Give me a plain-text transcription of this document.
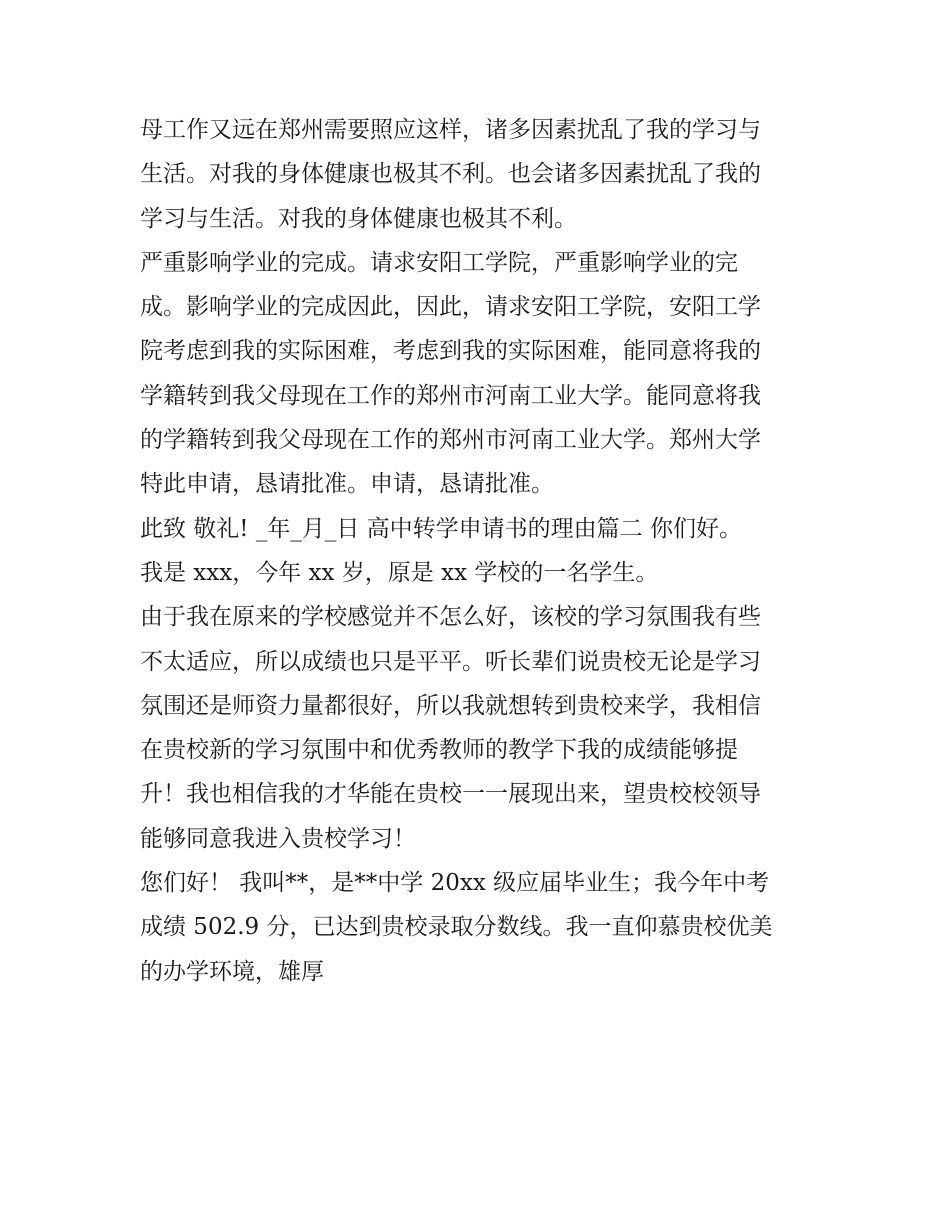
母工作又远在郑州需要照应这样，诸多因素扰乱了我的学习与
生活。对我的身体健康也极其不利。也会诸多因素扰乱了我的
学习与生活。对我的身体健康也极其不利。
严重影响学业的完成。请求安阳工学院，严重影响学业的完
成。影响学业的完成因此，因此，请求安阳工学院，安阳工学
院考虑到我的实际困难，考虑到我的实际困难，能同意将我的
学籍转到我父母现在工作的郑州市河南工业大学。能同意将我
的学籍转到我父母现在工作的郑州市河南工业大学。郑州大学
特此申请，恳请批准。申请，恳请批准。
此致 敬礼! _年_月_日 高中转学申请书的理由篇二 你们好。
我是 xxx，今年 xx 岁，原是 xx 学校的一名学生。
由于我在原来的学校感觉并不怎么好，该校的学习氛围我有些
不太适应，所以成绩也只是平平。听长辈们说贵校无论是学习
氛围还是师资力量都很好，所以我就想转到贵校来学，我相信
在贵校新的学习氛围中和优秀教师的教学下我的成绩能够提
升！我也相信我的才华能在贵校一一展现出来，望贵校校领导
能够同意我进入贵校学习！
您们好！ 我叫**，是**中学 20xx 级应届毕业生；我今年中考
成绩 502.9 分，已达到贵校录取分数线。我一直仰慕贵校优美
的办学环境，雄厚
